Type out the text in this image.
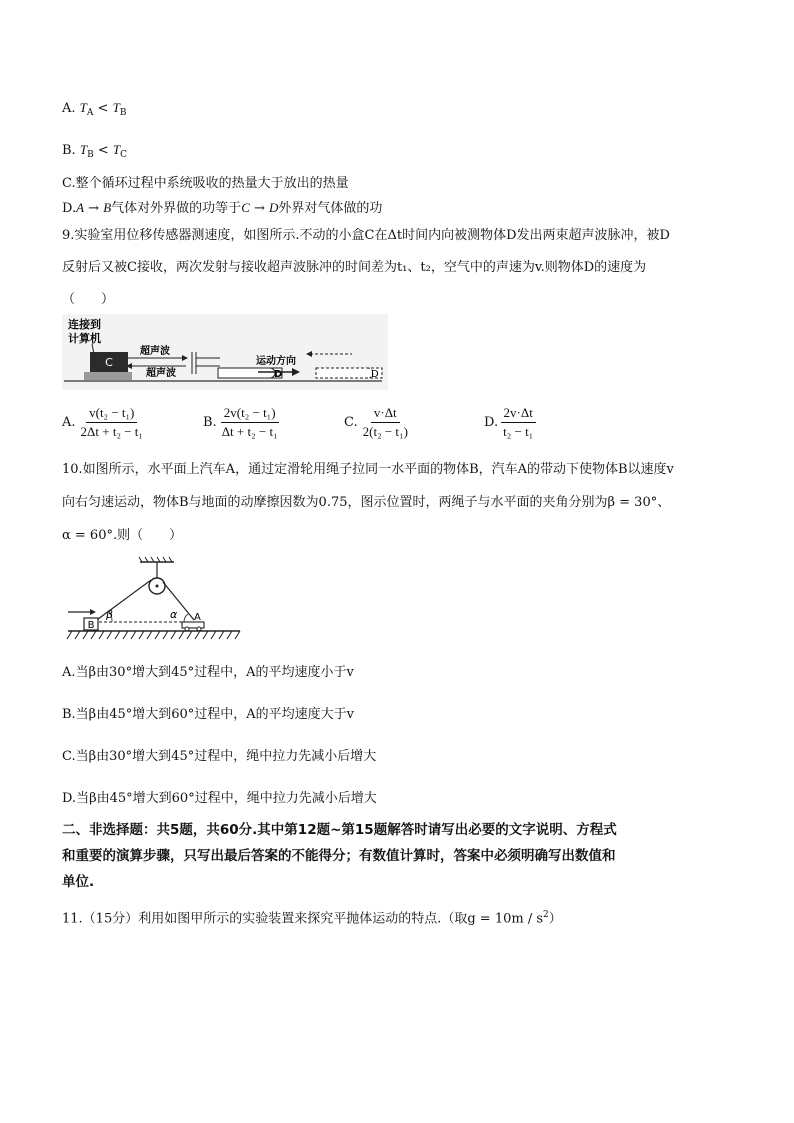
A. $T_A < T_B$
B. $T_B < T_C$
C.整个循环过程中系统吸收的热量大于放出的热量
D.A → B气体对外界做的功等于C → D外界对气体做的功
9.实验室用位移传感器测速度，如图所示.不动的小盒C在Δt时间内向被测物体D发出两束超声波脉冲，被D
反射后又被C接收，两次发射与接收超声波脉冲的时间差为t₁、t₂，空气中的声速为v.则物体D的速度为
（　　）
连接到
计算机
C
超声波
超声波	D
运动方向
D
A. $\frac{\text{v(t₂ − t₁)}}{\text{2Δt + t₂ − t₁}}$	B. $\frac{\text{2v(t₂ − t₁)}}{\text{Δt + t₂ − t₁}}$	C. $\frac{v\cdot\Delta t}{\text{2(t₂ − t₁)}}$	D. $\frac{2v\cdot\Delta t}{\text{t₂ − t₁}}$
10.如图所示，水平面上汽车A，通过定滑轮用绳子拉同一水平面的物体B，汽车A的带动下使物体B以速度v
向右匀速运动，物体B与地面的动摩擦因数为0.75，图示位置时，两绳子与水平面的夹角分别为β = 30°、
α = 60°.则（　　）
β	α
B
A
A.当β由30°增大到45°过程中，A的平均速度小于v
B.当β由45°增大到60°过程中，A的平均速度大于v
C.当β由30°增大到45°过程中，绳中拉力先减小后增大
D.当β由45°增大到60°过程中，绳中拉力先减小后增大
二、非选择题：共5题，共60分.其中第12题~第15题解答时请写出必要的文字说明、方程式
和重要的演算步骤，只写出最后答案的不能得分；有数值计算时，答案中必须明确写出数值和
单位.
11.（15分）利用如图甲所示的实验装置来探究平抛体运动的特点.（取$g = 10m / s^2$）
